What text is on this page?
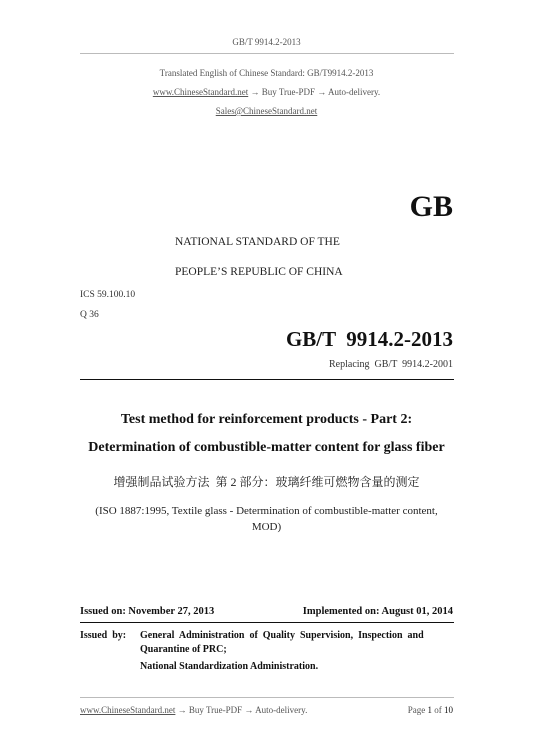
GB/T 9914.2-2013
Translated English of Chinese Standard: GB/T9914.2-2013
www.ChineseStandard.net → Buy True-PDF → Auto-delivery.
Sales@ChineseStandard.net
GB
NATIONAL STANDARD OF THE
PEOPLE’S REPUBLIC OF CHINA
ICS 59.100.10
Q 36
GB/T  9914.2-2013
Replacing  GB/T  9914.2-2001
Test method for reinforcement products - Part 2:
Determination of combustible-matter content for glass fiber
增强制品试验方法  第 2 部分：玻璃纤维可燃物含量的测定
(ISO 1887:1995, Textile glass - Determination of combustible-matter content,
MOD)
Issued on: November 27, 2013	Implemented on: August 01, 2014
Issued  by: General  Administration  of  Quality  Supervision,  Inspection  and
Quarantine of PRC;
National Standardization Administration.
www.ChineseStandard.net → Buy True-PDF → Auto-delivery.	Page 1 of 10
